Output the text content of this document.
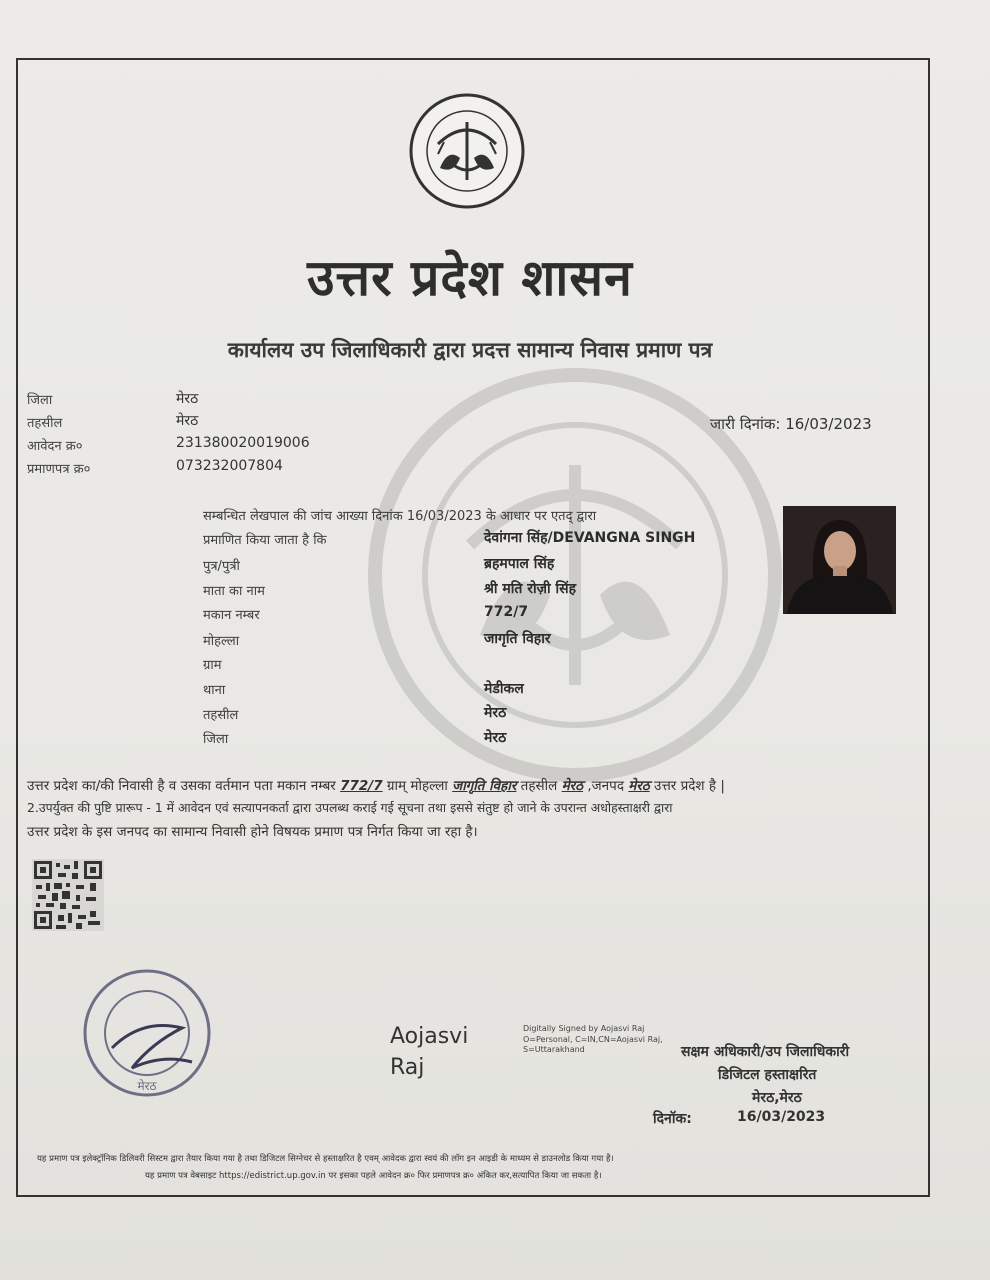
उत्तर प्रदेश शासन
कार्यालय उप जिलाधिकारी द्वारा प्रदत्त सामान्य निवास प्रमाण पत्र
जिला	मेरठ
तहसील	मेरठ
आवेदन क्र०	231380020019006
प्रमाणपत्र क्र०	073232007804
जारी दिनांक: 16/03/2023
सम्बन्धित लेखपाल की जांच आख्या दिनांक 16/03/2023 के आधार पर एतद् द्वारा
प्रमाणित किया जाता है कि	देवांगना सिंह/DEVANGNA SINGH
पुत्र/पुत्री	ब्रहमपाल सिंह
माता का नाम	श्री मति रोज़ी सिंह
मकान नम्बर	772/7
मोहल्ला	जागृति विहार
ग्राम
थाना	मेडीकल
तहसील	मेरठ
जिला	मेरठ
उत्तर प्रदेश का/की निवासी है व उसका वर्तमान पता मकान नम्बर 772/7 ग्राम् मोहल्ला जागृति विहार तहसील मेरठ ,जनपद मेरठ उत्तर प्रदेश है |
2.उपर्युक्त की पुष्टि प्रारूप - 1 में आवेदन एवं सत्यापनकर्ता द्वारा उपलब्ध कराई गई सूचना तथा इससे संतुष्ट हो जाने के उपरान्त अधोहस्ताक्षरी द्वारा
उत्तर प्रदेश के इस जनपद का सामान्य निवासी होने विषयक प्रमाण पत्र निर्गत किया जा रहा है।
मेरठ
Aojasvi
Raj
Digitally Signed by Aojasvi Raj O=Personal, C=IN,CN=Aojasvi Raj, S=Uttarakhand	सक्षम अधिकारी/उप जिलाधिकारी
डिजिटल हस्ताक्षरित
मेरठ,मेरठ
दिनॉक:	16/03/2023
यह प्रमाण पत्र इलेक्ट्रॉनिक डिलिवरी सिस्टम द्वारा तैयार किया गया है तथा डिजिटल सिग्नेचर से हस्ताक्षरित है एवम् आवेदक द्वारा स्वयं की लॉग इन आइडी के माध्यम से डाउनलोड किया गया है।
यह प्रमाण पत्र वेबसाइट https://edistrict.up.gov.in पर इसका पहले आवेदन क्र० फिर प्रमाणपत्र क्र० अंकित कर,सत्यापित किया जा सकता है।
